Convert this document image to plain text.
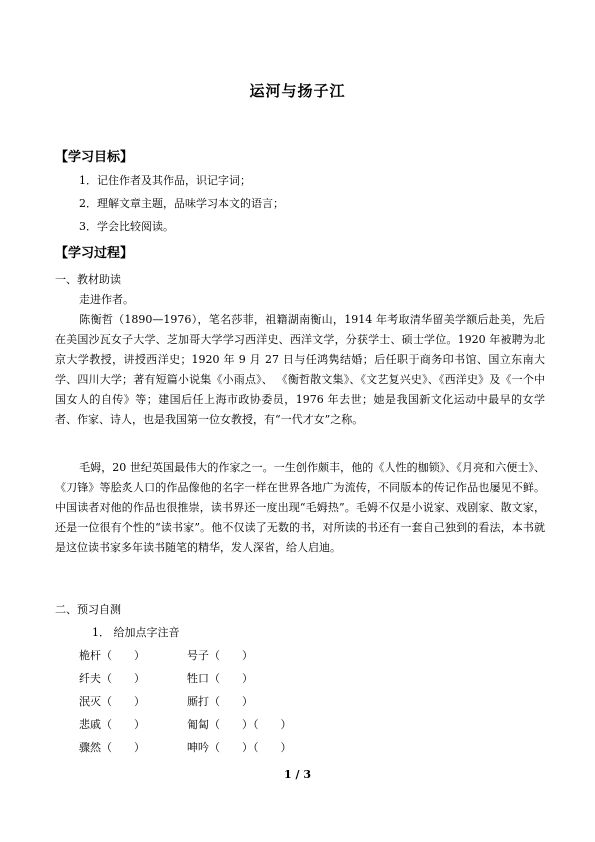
运河与扬子江
【学习目标】
1．记住作者及其作品，识记字词；
2．理解文章主题，品味学习本文的语言；
3．学会比较阅读。
【学习过程】
一、教材助读
走进作者。
陈衡哲（1890—1976），笔名莎菲，祖籍湖南衡山，1914 年考取清华留美学额后赴美，先后在美国沙瓦女子大学、芝加哥大学学习西洋史、西洋文学，分获学士、硕士学位。1920 年被聘为北京大学教授，讲授西洋史；1920 年 9 月 27 日与任鸿隽结婚；后任职于商务印书馆、国立东南大学、四川大学；著有短篇小说集《小雨点》、 《衡哲散文集》、《文艺复兴史》、《西洋史》及《一个中国女人的自传》等；建国后任上海市政协委员，1976 年去世；她是我国新文化运动中最早的女学者、作家、诗人，也是我国第一位女教授，有“一代才女”之称。
毛姆，20 世纪英国最伟大的作家之一。一生创作颇丰，他的《人性的枷锁》、《月亮和六便士》、《刀锋》等脍炙人口的作品像他的名字一样在世界各地广为流传，不同版本的传记作品也屡见不鲜。中国读者对他的作品也很推崇，读书界还一度出现“毛姆热”。毛姆不仅是小说家、戏剧家、散文家，还是一位很有个性的“读书家”。他不仅读了无数的书，对所读的书还有一套自己独到的看法，本书就是这位读书家多年读书随笔的精华，发人深省，给人启迪。
二、预习自测
1． 给加点字注音
桅杆（　　）	号子（　　）
纤夫（　　）	牲口（　　）
泯灭（　　）	厮打（　　）
悲戚（　　）	匍匐（　　）（　　）
骤然（　　）	呻吟（　　）（　　）
1 / 3
